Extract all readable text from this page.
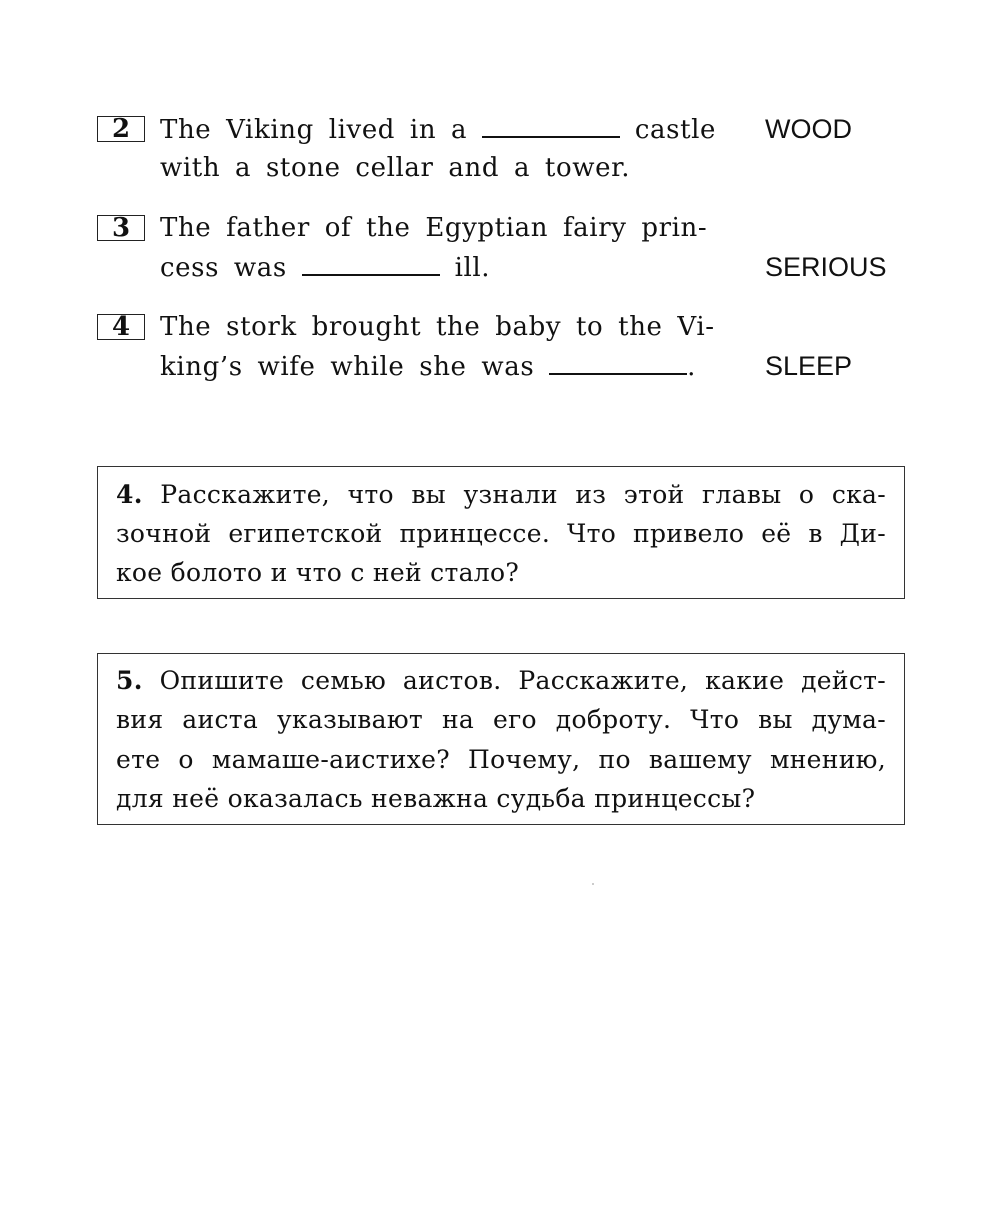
2	The Viking lived in a	castle
with a stone cellar and a tower.
WOOD
3	The father of the Egyptian fairy prin-
cess was	ill.	SERIOUS
4	The stork brought the baby to the Vi-
king’s wife while she was	.	SLEEP
4. Расскажите, что вы узнали из этой главы о ска-
зочной египетской принцессе. Что привело её в Ди-
кое болото и что с ней стало?
5. Опишите семью аистов. Расскажите, какие дейст-
вия аиста указывают на его доброту. Что вы дума-
ете о мамаше-аистихе? Почему, по вашему мнению,
для неё оказалась неважна судьба принцессы?
